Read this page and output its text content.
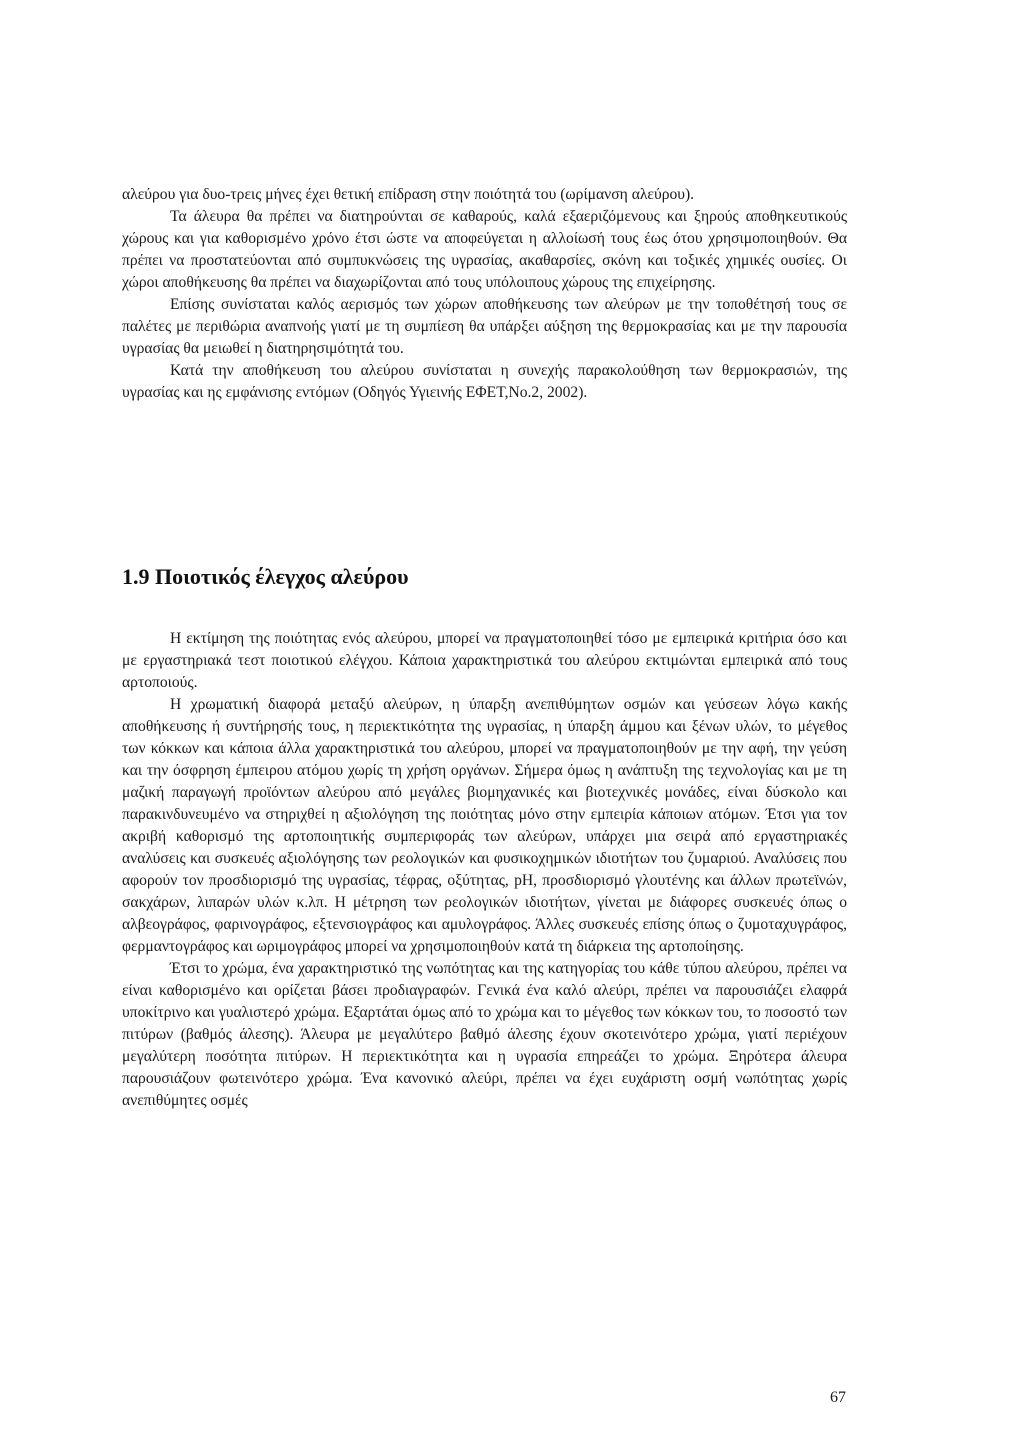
αλεύρου για δυο-τρεις μήνες έχει θετική επίδραση στην ποιότητά του (ωρίμανση αλεύρου).

Τα άλευρα θα πρέπει να διατηρούνται σε καθαρούς, καλά εξαεριζόμενους και ξηρούς αποθηκευτικούς χώρους και για καθορισμένο χρόνο έτσι ώστε να αποφεύγεται η αλλοίωσή τους έως ότου χρησιμοποιηθούν. Θα πρέπει να προστατεύονται από συμπυκνώσεις της υγρασίας, ακαθαρσίες, σκόνη και τοξικές χημικές ουσίες. Οι χώροι αποθήκευσης θα πρέπει να διαχωρίζονται από τους υπόλοιπους χώρους της επιχείρησης.

Επίσης συνίσταται καλός αερισμός των χώρων αποθήκευσης των αλεύρων με την τοποθέτησή τους σε παλέτες με περιθώρια αναπνοής γιατί με τη συμπίεση θα υπάρξει αύξηση της θερμοκρασίας και με την παρουσία υγρασίας θα μειωθεί η διατηρησιμότητά του.

Κατά την αποθήκευση του αλεύρου συνίσταται η συνεχής παρακολούθηση των θερμοκρασιών, της υγρασίας και ης εμφάνισης εντόμων (Οδηγός Υγιεινής ΕΦΕΤ,Νο.2, 2002).

1.9 Ποιοτικός έλεγχος αλεύρου

Η εκτίμηση της ποιότητας ενός αλεύρου, μπορεί να πραγματοποιηθεί τόσο με εμπειρικά κριτήρια όσο και με εργαστηριακά τεστ ποιοτικού ελέγχου. Κάποια χαρακτηριστικά του αλεύρου εκτιμώνται εμπειρικά από τους αρτοποιούς.

Η χρωματική διαφορά μεταξύ αλεύρων, η ύπαρξη ανεπιθύμητων οσμών και γεύσεων λόγω κακής αποθήκευσης ή συντήρησής τους, η περιεκτικότητα της υγρασίας, η ύπαρξη άμμου και ξένων υλών, το μέγεθος των κόκκων και κάποια άλλα χαρακτηριστικά του αλεύρου, μπορεί να πραγματοποιηθούν με την αφή, την γεύση και την όσφρηση έμπειρου ατόμου χωρίς τη χρήση οργάνων. Σήμερα όμως η ανάπτυξη της τεχνολογίας και με τη μαζική παραγωγή προϊόντων αλεύρου από μεγάλες βιομηχανικές και βιοτεχνικές μονάδες, είναι δύσκολο και παρακινδυνευμένο να στηριχθεί η αξιολόγηση της ποιότητας μόνο στην εμπειρία κάποιων ατόμων. Έτσι για τον ακριβή καθορισμό της αρτοποιητικής συμπεριφοράς των αλεύρων, υπάρχει μια σειρά από εργαστηριακές αναλύσεις και συσκευές αξιολόγησης των ρεολογικών και φυσικοχημικών ιδιοτήτων του ζυμαριού. Αναλύσεις που αφορούν τον προσδιορισμό της υγρασίας, τέφρας, οξύτητας, pH, προσδιορισμό γλουτένης και άλλων πρωτεϊνών, σακχάρων, λιπαρών υλών κ.λπ. Η μέτρηση των ρεολογικών ιδιοτήτων, γίνεται με διάφορες συσκευές όπως ο αλβεογράφος, φαρινογράφος, εξτενσιογράφος και αμυλογράφος. Άλλες συσκευές επίσης όπως ο ζυμοταχυγράφος, φερμαντογράφος και ωριμογράφος μπορεί να χρησιμοποιηθούν κατά τη διάρκεια της αρτοποίησης.

Έτσι το χρώμα, ένα χαρακτηριστικό της νωπότητας και της κατηγορίας του κάθε τύπου αλεύρου, πρέπει να είναι καθορισμένο και ορίζεται βάσει προδιαγραφών. Γενικά ένα καλό αλεύρι, πρέπει να παρουσιάζει ελαφρά υποκίτρινο και γυαλιστερό χρώμα. Εξαρτάται όμως από το χρώμα και το μέγεθος των κόκκων του, το ποσοστό των πιτύρων (βαθμός άλεσης). Άλευρα με μεγαλύτερο βαθμό άλεσης έχουν σκοτεινότερο χρώμα, γιατί περιέχουν μεγαλύτερη ποσότητα πιτύρων. Η περιεκτικότητα και η υγρασία επηρεάζει το χρώμα. Ξηρότερα άλευρα παρουσιάζουν φωτεινότερο χρώμα. Ένα κανονικό αλεύρι, πρέπει να έχει ευχάριστη οσμή νωπότητας χωρίς ανεπιθύμητες οσμές

67
